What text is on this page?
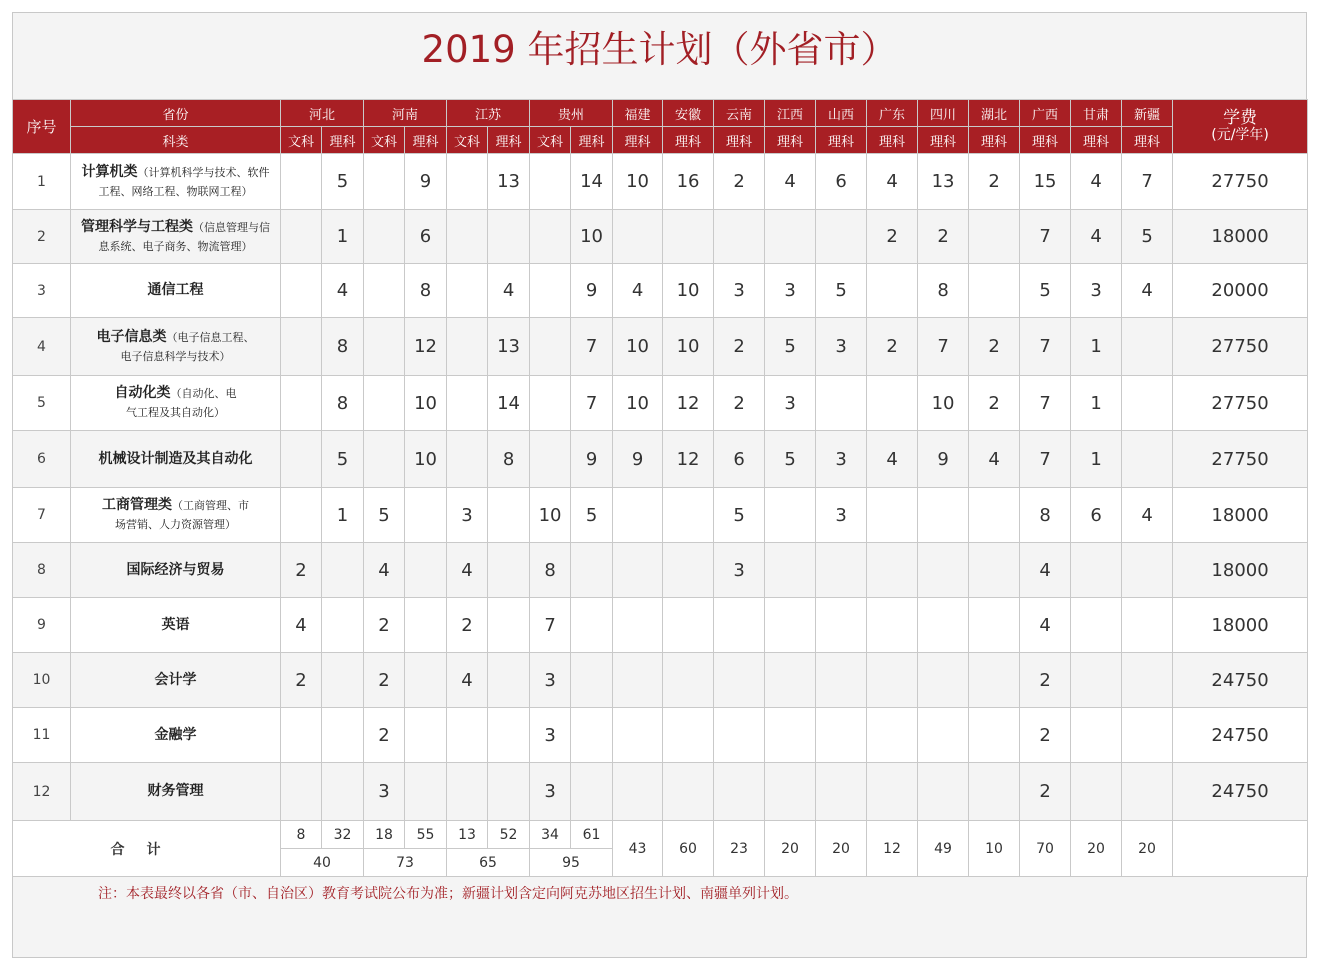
2019 年招生计划（外省市）
序号	省份	河北		河南		江苏		贵州		福建	安徽	云南	江西	山西	广东	四川	湖北	广西	甘肃	新疆	学费
(元/学年)

	科类	文科	理科	文科	理科	文科	理科	文科	理科	理科	理科	理科	理科	理科	理科	理科	理科	理科	理科	理科	
1	计算机类（计算机科学与技术、软件
工程、网络工程、物联网工程）		5		9		13		14	10	16	2	4	6	4	13	2	15	4	7	27750
2	管理科学与工程类（信息管理与信
息系统、电子商务、物流管理）		1		6				10						2	2		7	4	5	18000
3	通信工程		4		8		4		9	4	10	3	3	5		8		5	3	4	20000
4	电子信息类（电子信息工程、
电子信息科学与技术）		8		12		13		7	10	10	2	5	3	2	7	2	7	1		27750
5	自动化类（自动化、电
气工程及其自动化）		8		10		14		7	10	12	2	3			10	2	7	1		27750
6	机械设计制造及其自动化		5		10		8		9	9	12	6	5	3	4	9	4	7	1		27750
7	工商管理类（工商管理、市
场营销、人力资源管理）		1	5		3		10	5			5		3				8	6	4	18000
8	国际经济与贸易	2		4		4		8				3						4			18000
9	英语	4		2		2		7										4			18000
10	会计学	2		2		4		3										2			24750
11	金融学			2				3										2			24750
12	财务管理			3				3										2			24750
合计		8	32	18	55	13	52	34	61	43	60	23	20	20	12	49	10	70	20	20	
		40		73		65		95													
注：本表最终以各省（市、自治区）教育考试院公布为准；新疆计划含定向阿克苏地区招生计划、南疆单列计划。
